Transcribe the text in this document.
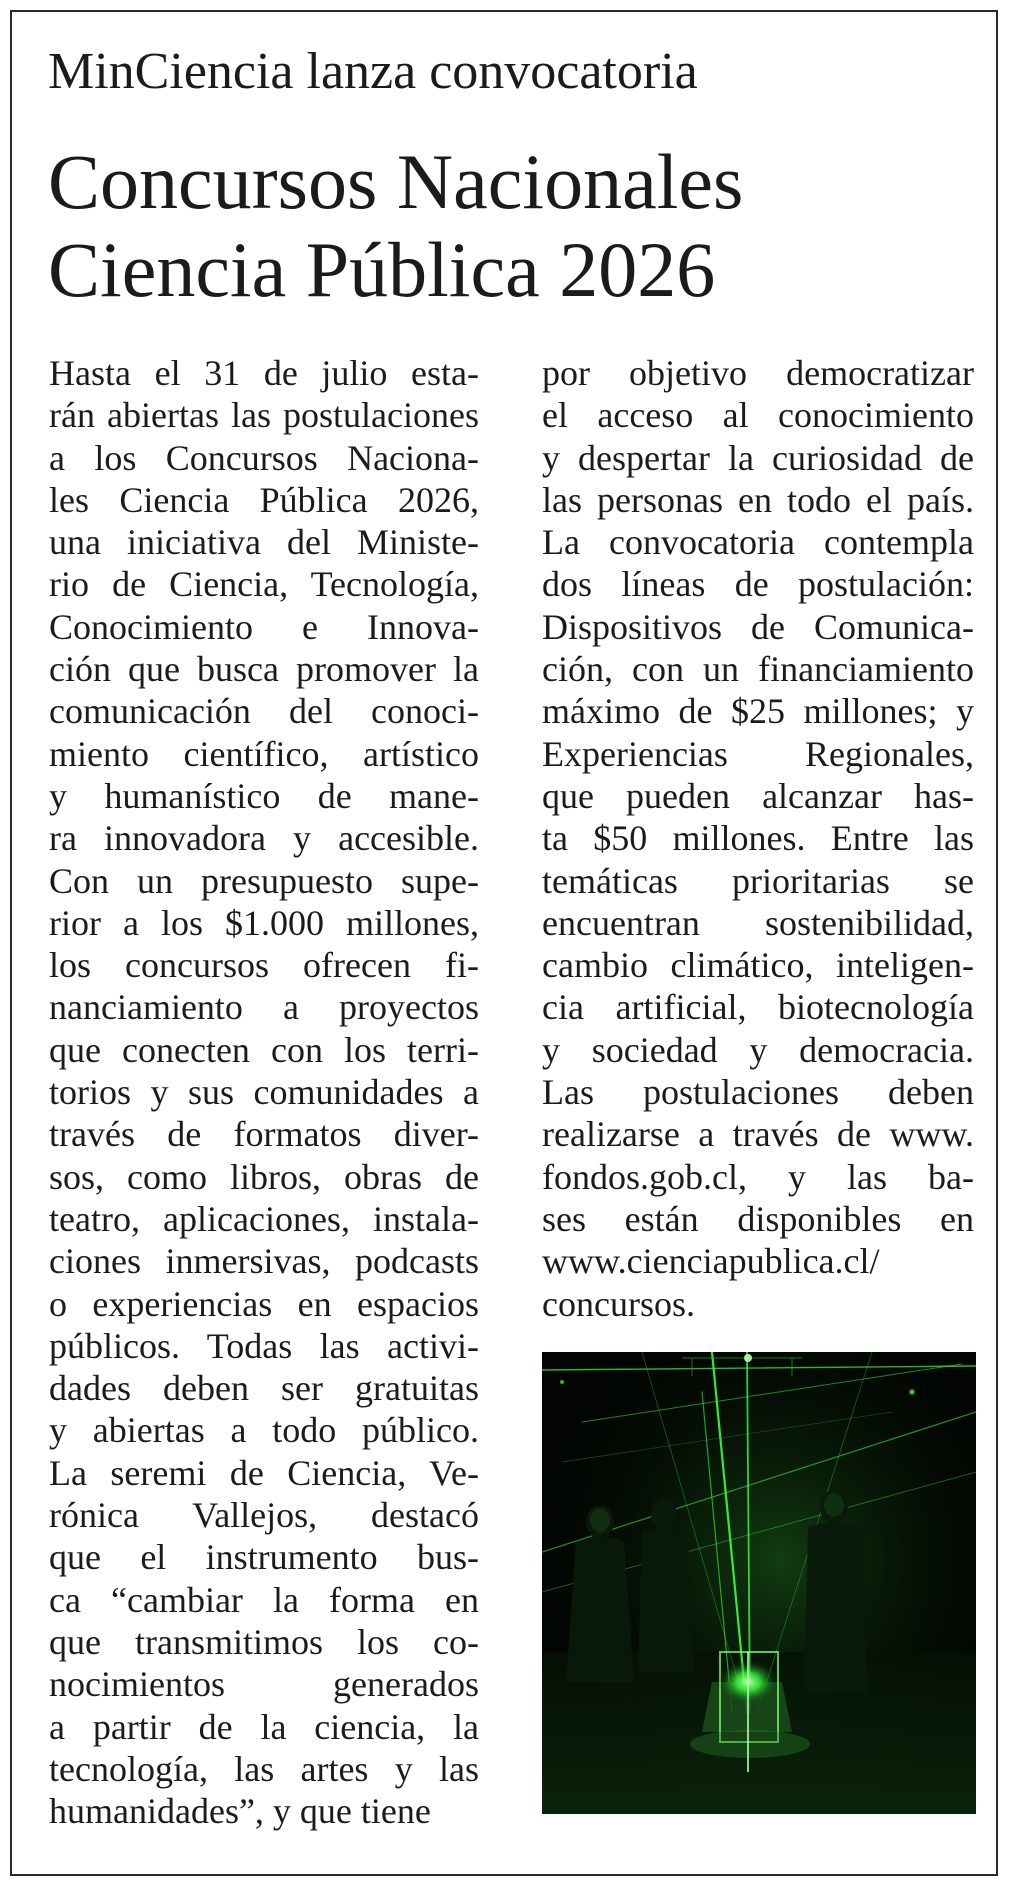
MinCiencia lanza convocatoria
Concursos Nacionales
Ciencia Pública 2026
Hasta el 31 de julio esta-
rán abiertas las postulaciones
a los Concursos Naciona-
les Ciencia Pública 2026,
una iniciativa del Ministe-
rio de Ciencia, Tecnología,
Conocimiento e Innova-
ción que busca promover la
comunicación del conoci-
miento científico, artístico
y humanístico de mane-
ra innovadora y accesible.
Con un presupuesto supe-
rior a los $1.000 millones,
los concursos ofrecen fi-
nanciamiento a proyectos
que conecten con los terri-
torios y sus comunidades a
través de formatos diver-
sos, como libros, obras de
teatro, aplicaciones, instala-
ciones inmersivas, podcasts
o experiencias en espacios
públicos. Todas las activi-
dades deben ser gratuitas
y abiertas a todo público.
La seremi de Ciencia, Ve-
rónica Vallejos, destacó
que el instrumento bus-
ca “cambiar la forma en
que transmitimos los co-
nocimientos generados
a partir de la ciencia, la
tecnología, las artes y las
humanidades”, y que tiene
por objetivo democratizar
el acceso al conocimiento
y despertar la curiosidad de
las personas en todo el país.
La convocatoria contempla
dos líneas de postulación:
Dispositivos de Comunica-
ción, con un financiamiento
máximo de $25 millones; y
Experiencias Regionales,
que pueden alcanzar has-
ta $50 millones. Entre las
temáticas prioritarias se
encuentran sostenibilidad,
cambio climático, inteligen-
cia artificial, biotecnología
y sociedad y democracia.
Las postulaciones deben
realizarse a través de www.
fondos.gob.cl, y las ba-
ses están disponibles en
www.cienciapublica.cl/
concursos.
